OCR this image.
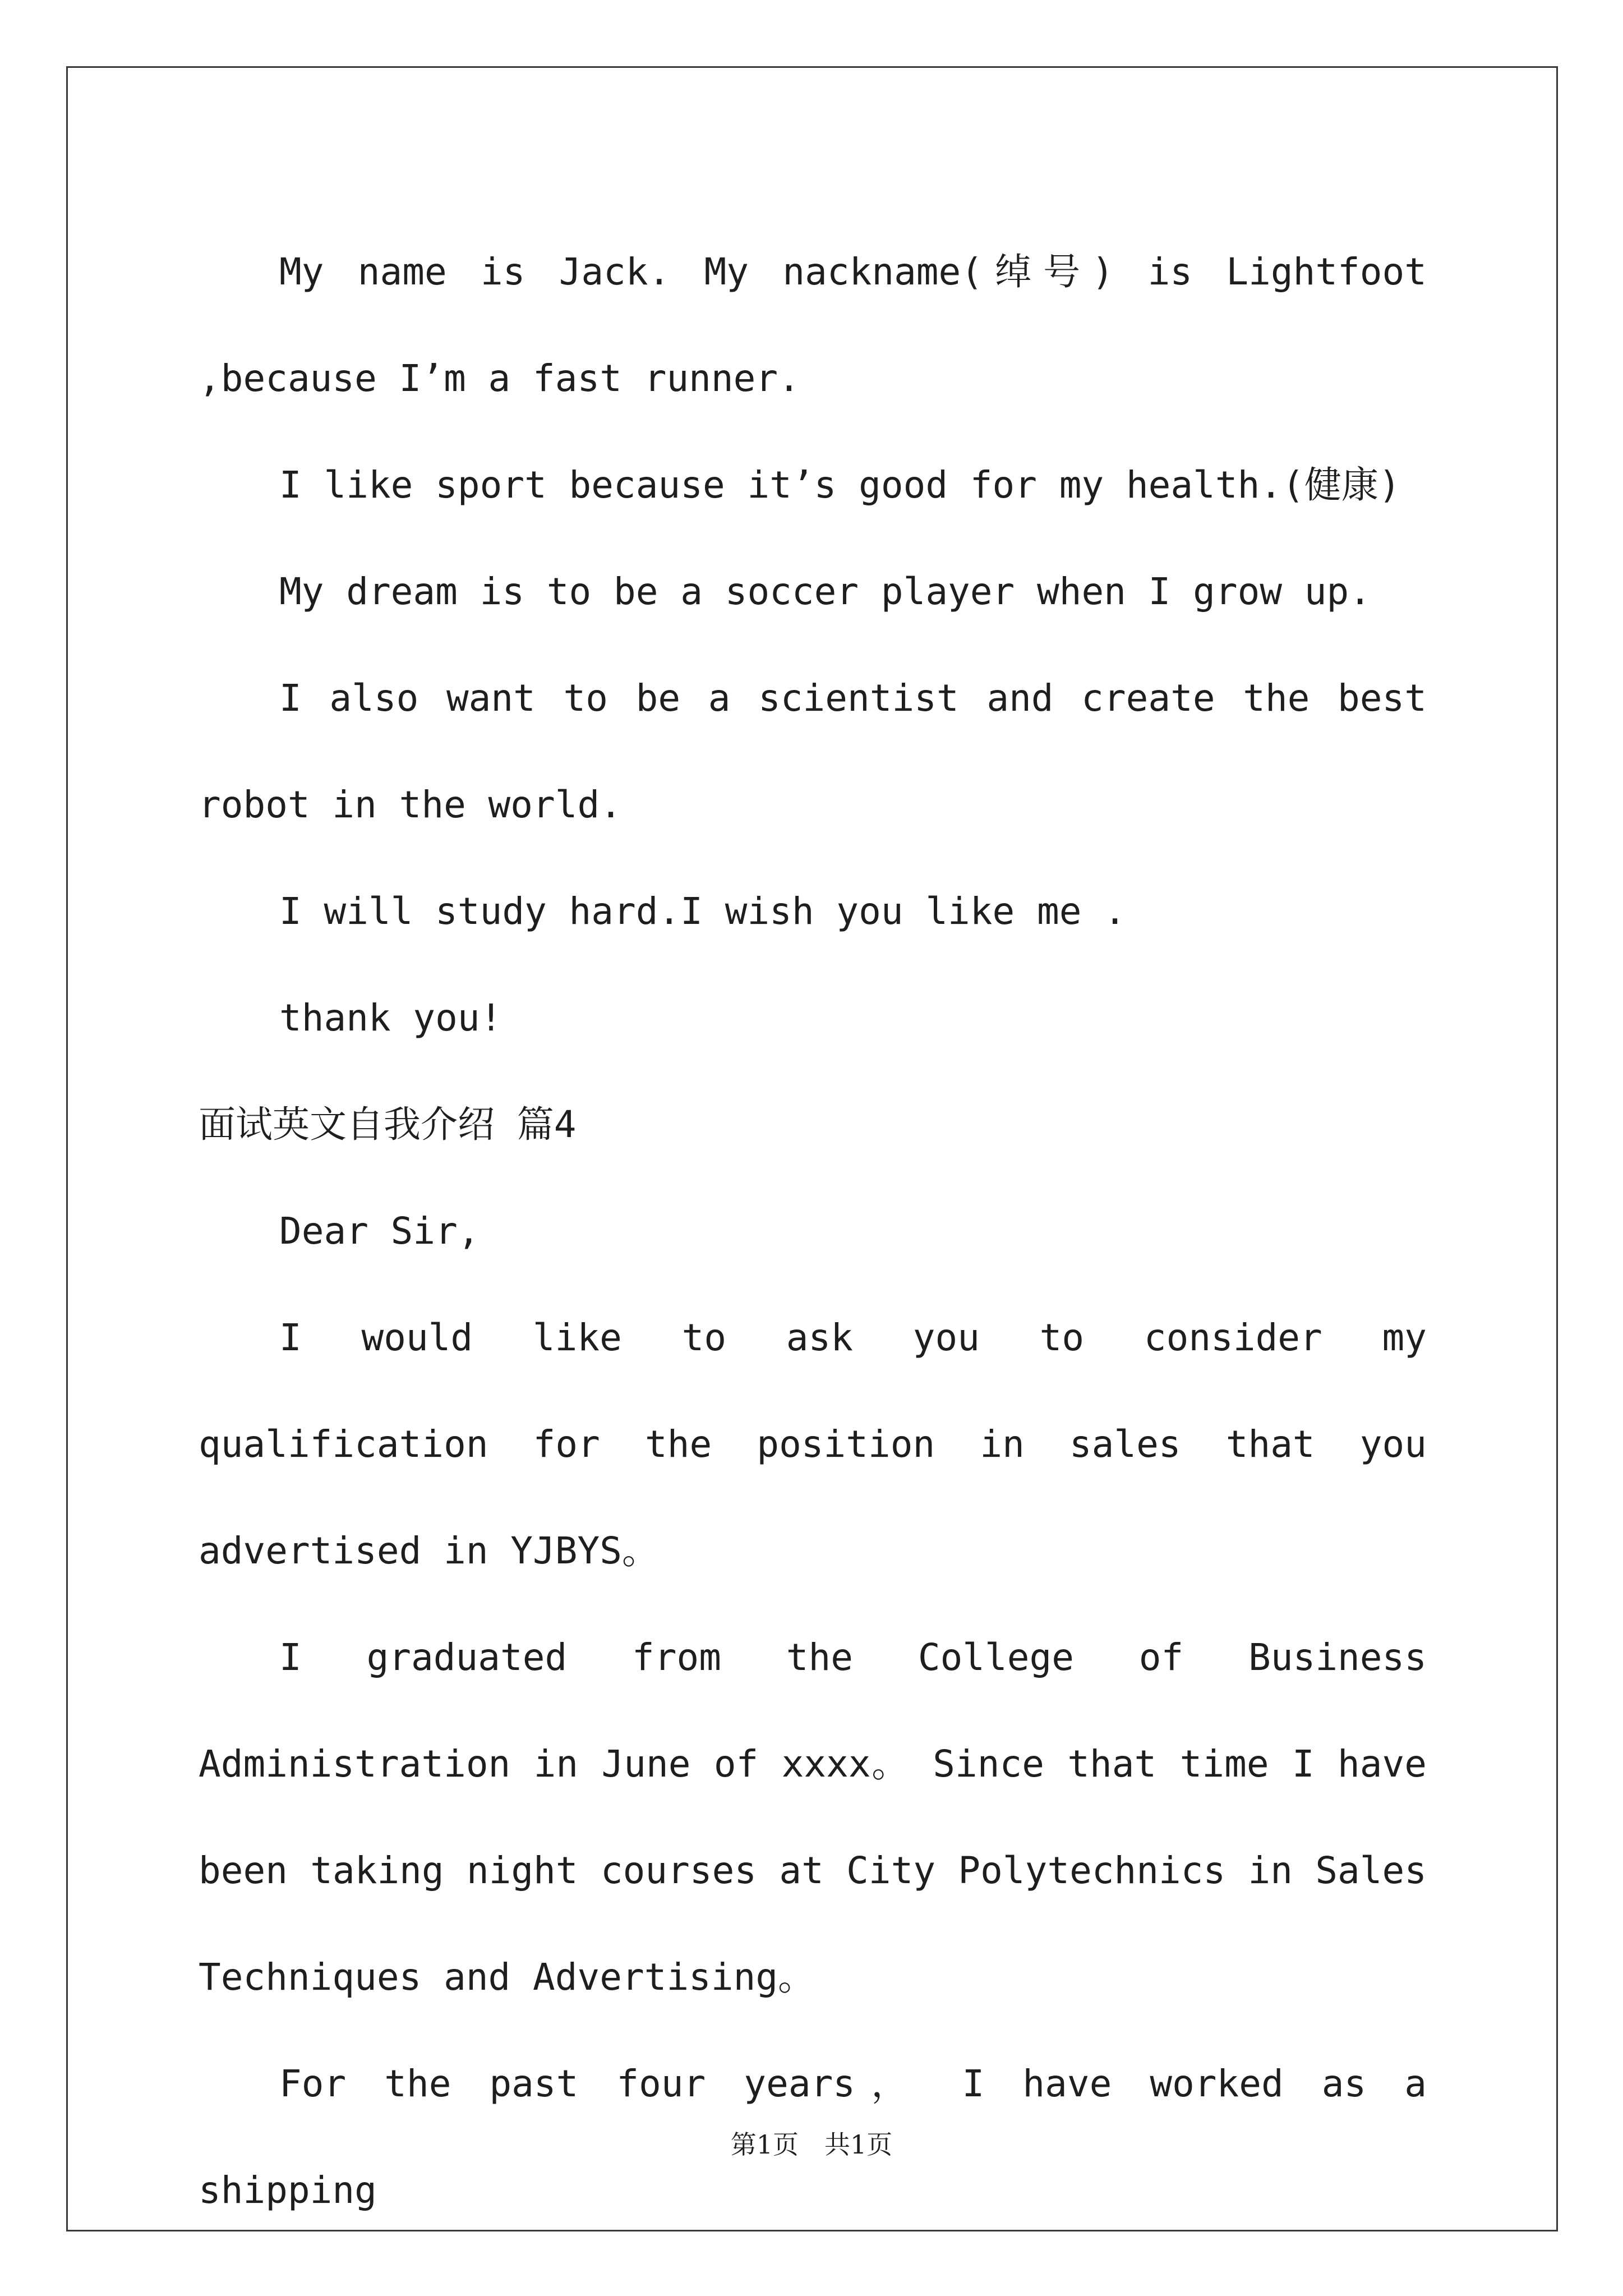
My name is Jack. My nackname(绰号) is Lightfoot ,because I’m a fast runner.

I like sport because it’s good for my health.(健康)

My dream is to be a soccer player when I grow up.

I also want to be a scientist and create the best robot in the world.

I will study hard.I wish you like me .

thank you!

面试英文自我介绍 篇4

Dear Sir,

I would like to ask you to consider my qualification for the position in sales that you advertised in YJBYS。

I graduated from the College of Business Administration in June of xxxx。 Since that time I have been taking night courses at City Polytechnics in Sales Techniques and Advertising。

For the past four years， I have worked as a shipping

第1页 共1页
